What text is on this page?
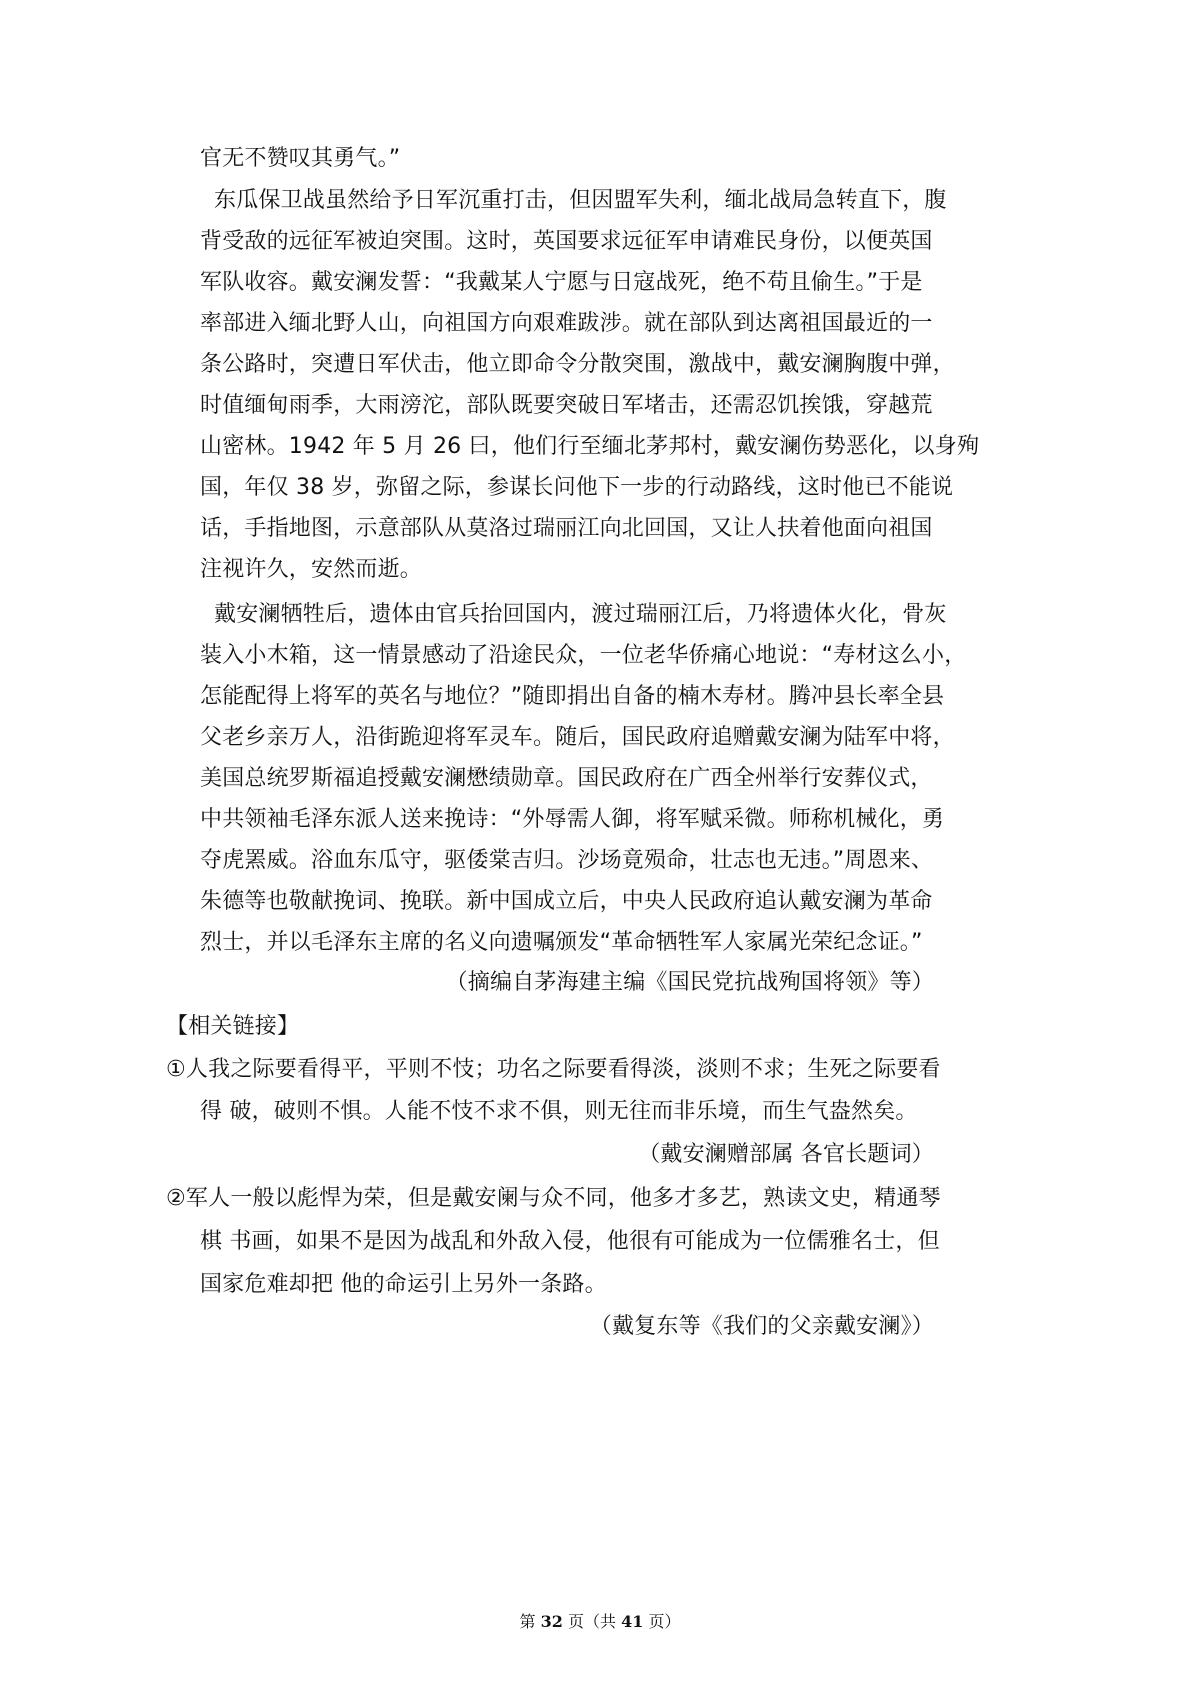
官无不赞叹其勇气。”
东瓜保卫战虽然给予日军沉重打击，但因盟军失利，缅北战局急转直下，腹
背受敌的远征军被迫突围。这时，英国要求远征军申请难民身份，以便英国
军队收容。戴安澜发誓：“我戴某人宁愿与日寇战死，绝不苟且偷生。”于是
率部进入缅北野人山，向祖国方向艰难跋涉。就在部队到达离祖国最近的一
条公路时，突遭日军伏击，他立即命令分散突围，激战中，戴安澜胸腹中弹，
时值缅甸雨季，大雨滂沱，部队既要突破日军堵击，还需忍饥挨饿，穿越荒
山密林。1942 年 5 月 26 曰，他们行至缅北茅邦村，戴安澜伤势恶化，以身殉
国，年仅 38 岁，弥留之际，参谋长问他下一步的行动路线，这时他已不能说
话，手指地图，示意部队从莫洛过瑞丽江向北回国，又让人扶着他面向祖国
注视许久，安然而逝。
戴安澜牺牲后，遗体由官兵抬回国内，渡过瑞丽江后，乃将遗体火化，骨灰
装入小木箱，这一情景感动了沿途民众，一位老华侨痛心地说：“寿材这么小，
怎能配得上将军的英名与地位？”随即捐出自备的楠木寿材。腾冲县长率全县
父老乡亲万人，沿街跪迎将军灵车。随后，国民政府追赠戴安澜为陆军中将，
美国总统罗斯福追授戴安澜懋绩勋章。国民政府在广西全州举行安葬仪式，
中共领袖毛泽东派人送来挽诗：“外辱需人御，将军赋采微。师称机械化，勇
夺虎罴威。浴血东瓜守，驱倭棠吉归。沙场竟殒命，壮志也无违。”周恩来、
朱德等也敬献挽词、挽联。新中国成立后，中央人民政府追认戴安澜为革命
烈士，并以毛泽东主席的名义向遗嘱颁发“革命牺牲军人家属光荣纪念证。”
（摘编自茅海建主编《国民党抗战殉国将领》等）
【相关链接】
①人我之际要看得平，平则不忮；功名之际要看得淡，淡则不求；生死之际要看
得 破，破则不惧。人能不忮不求不俱，则无往而非乐境，而生气盎然矣。
（戴安澜赠部属 各官长题词）
②军人一般以彪悍为荣，但是戴安阑与众不同，他多才多艺，熟读文史，精通琴
棋 书画，如果不是因为战乱和外敌入侵，他很有可能成为一位儒雅名士，但
国家危难却把 他的命运引上另外一条路。
（戴复东等《我们的父亲戴安澜》）
第 32 页（共 41 页）
